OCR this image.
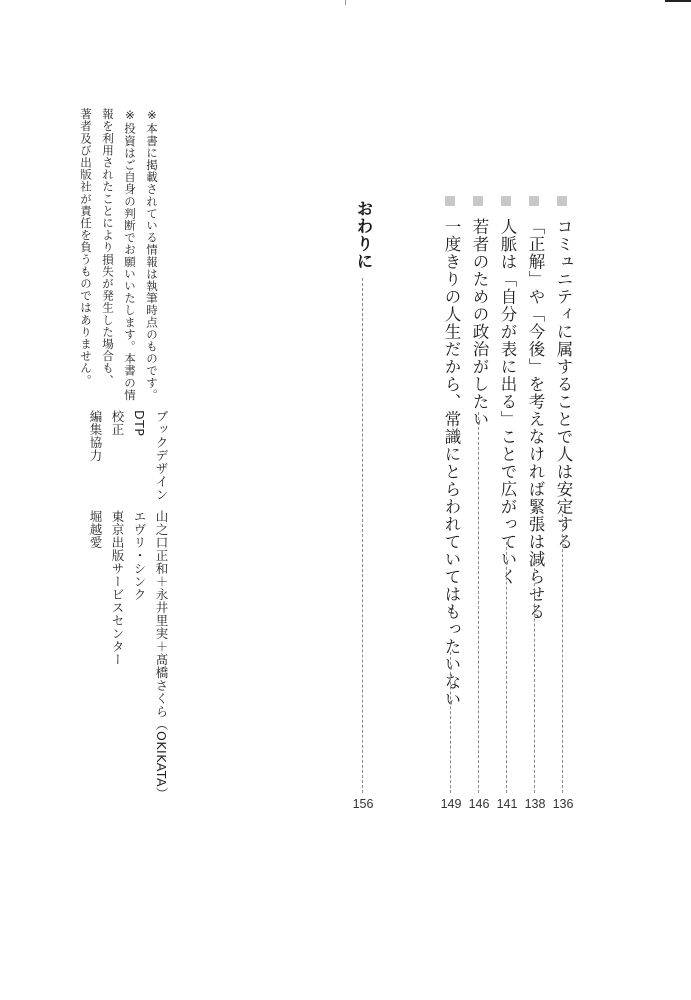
コミュニティに属することで人は安定する
136
「正解」や「今後」を考えなければ緊張は減らせる
138
人脈は「自分が表に出る」ことで広がっていく
141
若者のための政治がしたい
146
一度きりの人生だから、常識にとらわれていてはもったいない
149
おわりに
156
※本書に掲載されている情報は執筆時点のものです。
※投資はご自身の判断でお願いいたします。本書の情
報を利用されたことにより損失が発生した場合も、
著者及び出版社が責任を負うものではありません。
ブックデザイン山之口正和＋永井里実＋髙橋さくら（OKIKATA）
DTPエヴリ・シンク
校正東京出版サービスセンター
編集協力堀越愛
